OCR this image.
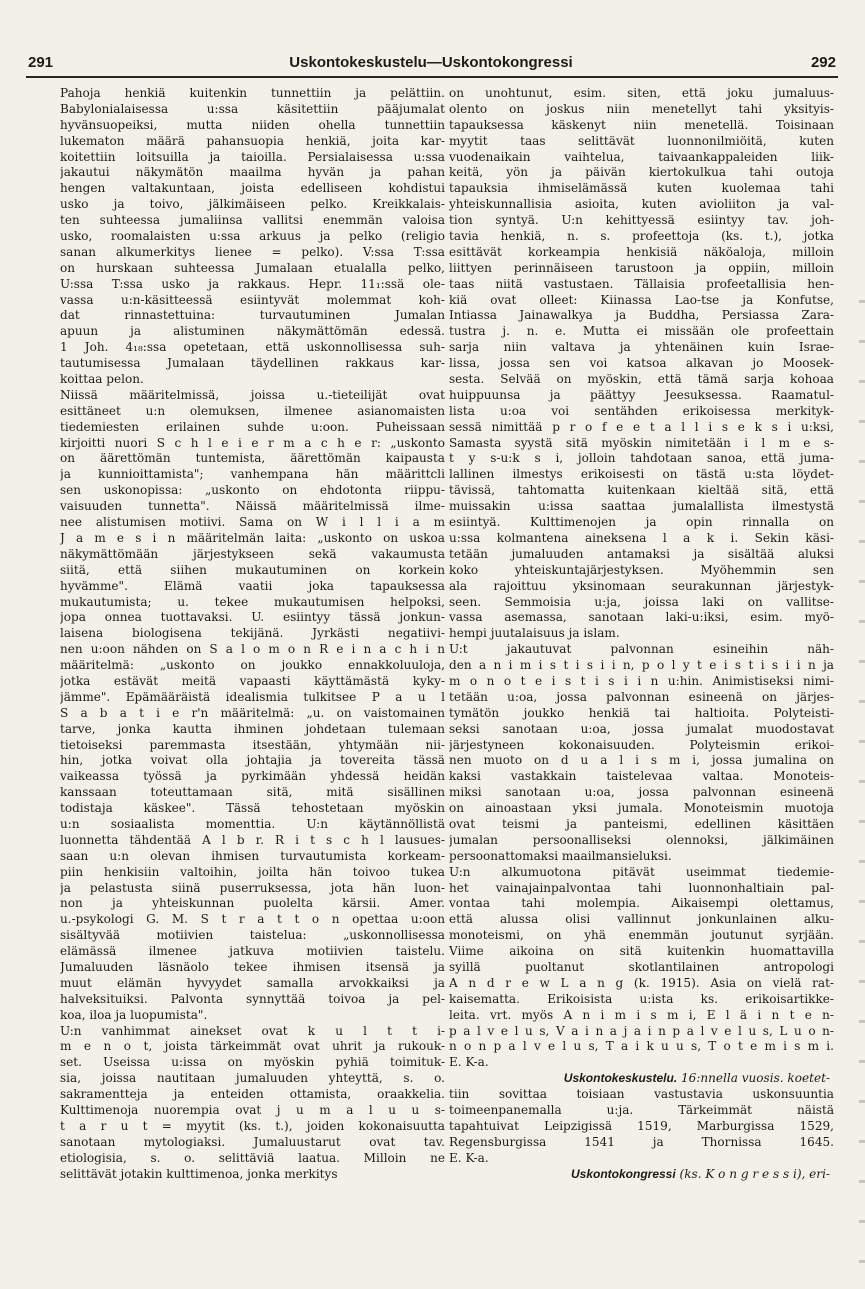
291	Uskontokeskustelu—Uskontokongressi	292
Pahoja henkiä kuitenkin tunnettiin ja pelättiin.
Babylonialaisessa u:ssa käsitettiin pääjumalat
hyvänsuopeiksi, mutta niiden ohella tunnettiin
lukematon määrä pahansuopia henkiä, joita kar-
koitettiin loitsuilla ja taioilla. Persialaisessa u:ssa
jakautui näkymätön maailma hyvän ja pahan
hengen valtakuntaan, joista edelliseen kohdistui
usko ja toivo, jälkimäiseen pelko. Kreikkalais-
ten suhteessa jumaliinsa vallitsi enemmän valoisa
usko, roomalaisten u:ssa arkuus ja pelko (religio
sanan alkumerkitys lienee = pelko). V:ssa T:ssa
on hurskaan suhteessa Jumalaan etualalla pelko,
U:ssa T:ssa usko ja rakkaus. Hepr. 11₁:ssä ole-
vassa u:n-käsitteessä esiintyvät molemmat koh-
dat rinnastettuina: turvautuminen Jumalan
apuun ja alistuminen näkymättömän edessä.
1 Joh. 4₁₈:ssa opetetaan, että uskonnollisessa suh-
tautumisessa Jumalaan täydellinen rakkaus kar-
koittaa pelon.
Niissä määritelmissä, joissa u.-tieteilijät ovat
esittäneet u:n olemuksen, ilmenee asianomaisten
tiedemiesten erilainen suhde u:oon. Puheissaan
kirjoitti nuori S c h l e i e r m a c h e r: „uskonto
on äärettömän tuntemista, äärettömän kaipausta
ja kunnioittamista"; vanhempana hän määrittcli
sen uskonopissa: „uskonto on ehdotonta riippu-
vaisuuden tunnetta". Näissä määritelmissä ilme-
nee alistumisen motiivi. Sama on W i l l i a m
J a m e s i n määritelmän laita: „uskonto on uskoa
näkymättömään järjestykseen sekä vakaumusta
siitä, että siihen mukautuminen on korkein
hyvämme". Elämä vaatii joka tapauksessa
mukautumista; u. tekee mukautumisen helpoksi,
jopa onnea tuottavaksi. U. esiintyy tässä jonkun-
laisena biologisena tekijänä. Jyrkästi negatiivi-
nen u:oon nähden on S a l o m o n R e i n a c h i n
määritelmä: „uskonto on joukko ennakkoluuloja,
jotka estävät meitä vapaasti käyttämästä kyky-
jämme". Epämääräistä idealismia tulkitsee P a u l
S a b a t i e r'n määritelmä: „u. on vaistomainen
tarve, jonka kautta ihminen johdetaan tulemaan
tietoiseksi paremmasta itsestään, yhtymään nii-
hin, jotka voivat olla johtajia ja tovereita tässä
vaikeassa työssä ja pyrkimään yhdessä heidän
kanssaan toteuttamaan sitä, mitä sisällinen
todistaja käskee". Tässä tehostetaan myöskin
u:n sosiaalista momenttia. U:n käytännöllistä
luonnetta tähdentää A l b r. R i t s c h l lausues-
saan u:n olevan ihmisen turvautumista korkeam-
piin henkisiin valtoihin, joilta hän toivoo tukea
ja pelastusta siinä puserruksessa, jota hän luon-
non ja yhteiskunnan puolelta kärsii. Amer.
u.-psykologi G. M. S t r a t t o n opettaa u:oon
sisältyvää motiivien taistelua: „uskonnollisessa
elämässä ilmenee jatkuva motiivien taistelu.
Jumaluuden läsnäolo tekee ihmisen itsensä ja
muut elämän hyvyydet samalla arvokkaiksi ja
halveksituiksi. Palvonta synnyttää toivoa ja pel-
koa, iloa ja luopumista".
U:n vanhimmat ainekset ovat k u l t t i-
m e n o t, joista tärkeimmät ovat uhrit ja rukouk-
set. Useissa u:issa on myöskin pyhiä toimituk-
sia, joissa nautitaan jumaluuden yhteyttä, s. o.
sakramentteja ja enteiden ottamista, oraakkelia.
Kulttimenoja nuorempia ovat j u m a l u u s-
t a r u t = myytit (ks. t.), joiden kokonaisuutta
sanotaan mytologiaksi. Jumaluustarut ovat tav.
etiologisia, s. o. selittäviä laatua. Milloin ne
selittävät jotakin kulttimenoa, jonka merkitys
on unohtunut, esim. siten, että joku jumaluus-
olento on joskus niin menetellyt tahi yksityis-
tapauksessa käskenyt niin menetellä. Toisinaan
myytit taas selittävät luonnonilmiöitä, kuten
vuodenaikain vaihtelua, taivaankappaleiden liik-
keitä, yön ja päivän kiertokulkua tahi outoja
tapauksia ihmiselämässä kuten kuolemaa tahi
yhteiskunnallisia asioita, kuten avioliiton ja val-
tion syntyä. U:n kehittyessä esiintyy tav. joh-
tavia henkiä, n. s. profeettoja (ks. t.), jotka
esittävät korkeampia henkisiä näköaloja, milloin
liittyen perinnäiseen tarustoon ja oppiin, milloin
taas niitä vastustaen. Tällaisia profeetallisia hen-
kiä ovat olleet: Kiinassa Lao-tse ja Konfutse,
Intiassa Jainawalkya ja Buddha, Persiassa Zara-
tustra j. n. e. Mutta ei missään ole profeettain
sarja niin valtava ja yhtenäinen kuin Israe-
lissa, jossa sen voi katsoa alkavan jo Moosek-
sesta. Selvää on myöskin, että tämä sarja kohoaa
huippuunsa ja päättyy Jeesuksessa. Raamatul-
lista u:oa voi sentähden erikoisessa merkityk-
sessä nimittää p r o f e e t a l l i s e k s i u:ksi,
Samasta syystä sitä myöskin nimitetään i l m e s-
t y s-u:k s i, jolloin tahdotaan sanoa, että juma-
lallinen ilmestys erikoisesti on tästä u:sta löydet-
tävissä, tahtomatta kuitenkaan kieltää sitä, että
muissakin u:issa saattaa jumalallista ilmestystä
esiintyä. Kulttimenojen ja opin rinnalla on
u:ssa kolmantena aineksena l a k i. Sekin käsi-
tetään jumaluuden antamaksi ja sisältää aluksi
koko yhteiskuntajärjestyksen. Myöhemmin sen
ala rajoittuu yksinomaan seurakunnan järjestyk-
seen. Semmoisia u:ja, joissa laki on vallitse-
vassa asemassa, sanotaan laki-u:iksi, esim. myö-
hempi juutalaisuus ja islam.
U:t jakautuvat palvonnan esineihin näh-
den a n i m i s t i s i i n, p o l y t e i s t i s i i n ja
m o n o t e i s t i s i i n u:hin. Animistiseksi nimi-
tetään u:oa, jossa palvonnan esineenä on järjes-
tymätön joukko henkiä tai haltioita. Polyteisti-
seksi sanotaan u:oa, jossa jumalat muodostavat
järjestyneen kokonaisuuden. Polyteismin erikoi-
nen muoto on d u a l i s m i, jossa jumalina on
kaksi vastakkain taistelevaa valtaa. Monoteis-
miksi sanotaan u:oa, jossa palvonnan esineenä
on ainoastaan yksi jumala. Monoteismin muotoja
ovat teismi ja panteismi, edellinen käsittäen
jumalan persoonalliseksi olennoksi, jälkimäinen
persoonattomaksi maailmansieluksi.
U:n alkumuotona pitävät useimmat tiedemie-
het vainajainpalvontaa tahi luonnonhaltiain pal-
vontaa tahi molempia. Aikaisempi olettamus,
että alussa olisi vallinnut jonkunlainen alku-
monoteismi, on yhä enemmän joutunut syrjään.
Viime aikoina on sitä kuitenkin huomattavilla
syillä puoltanut skotlantilainen antropologi
A n d r e w L a n g (k. 1915). Asia on vielä rat-
kaisematta. Erikoisista u:ista ks. erikoisartikke-
leita. vrt. myös A n i m i s m i, E l ä i n t e n-
p a l v e l u s, V a i n a j a i n p a l v e l u s, L u o n-
n o n p a l v e l u s, T a i k u u s, T o t e m i s m i.
E. K-a.
Uskontokeskustelu. 16:nnella vuosis. koetet-
tiin sovittaa toisiaan vastustavia uskonsuuntia
toimeenpanemalla u:ja. Tärkeimmät näistä
tapahtuivat Leipzigissä 1519, Marburgissa 1529,
Regensburgissa 1541 ja Thornissa 1645.
E. K-a.
Uskontokongressi (ks. K o n g r e s s i), eri-
